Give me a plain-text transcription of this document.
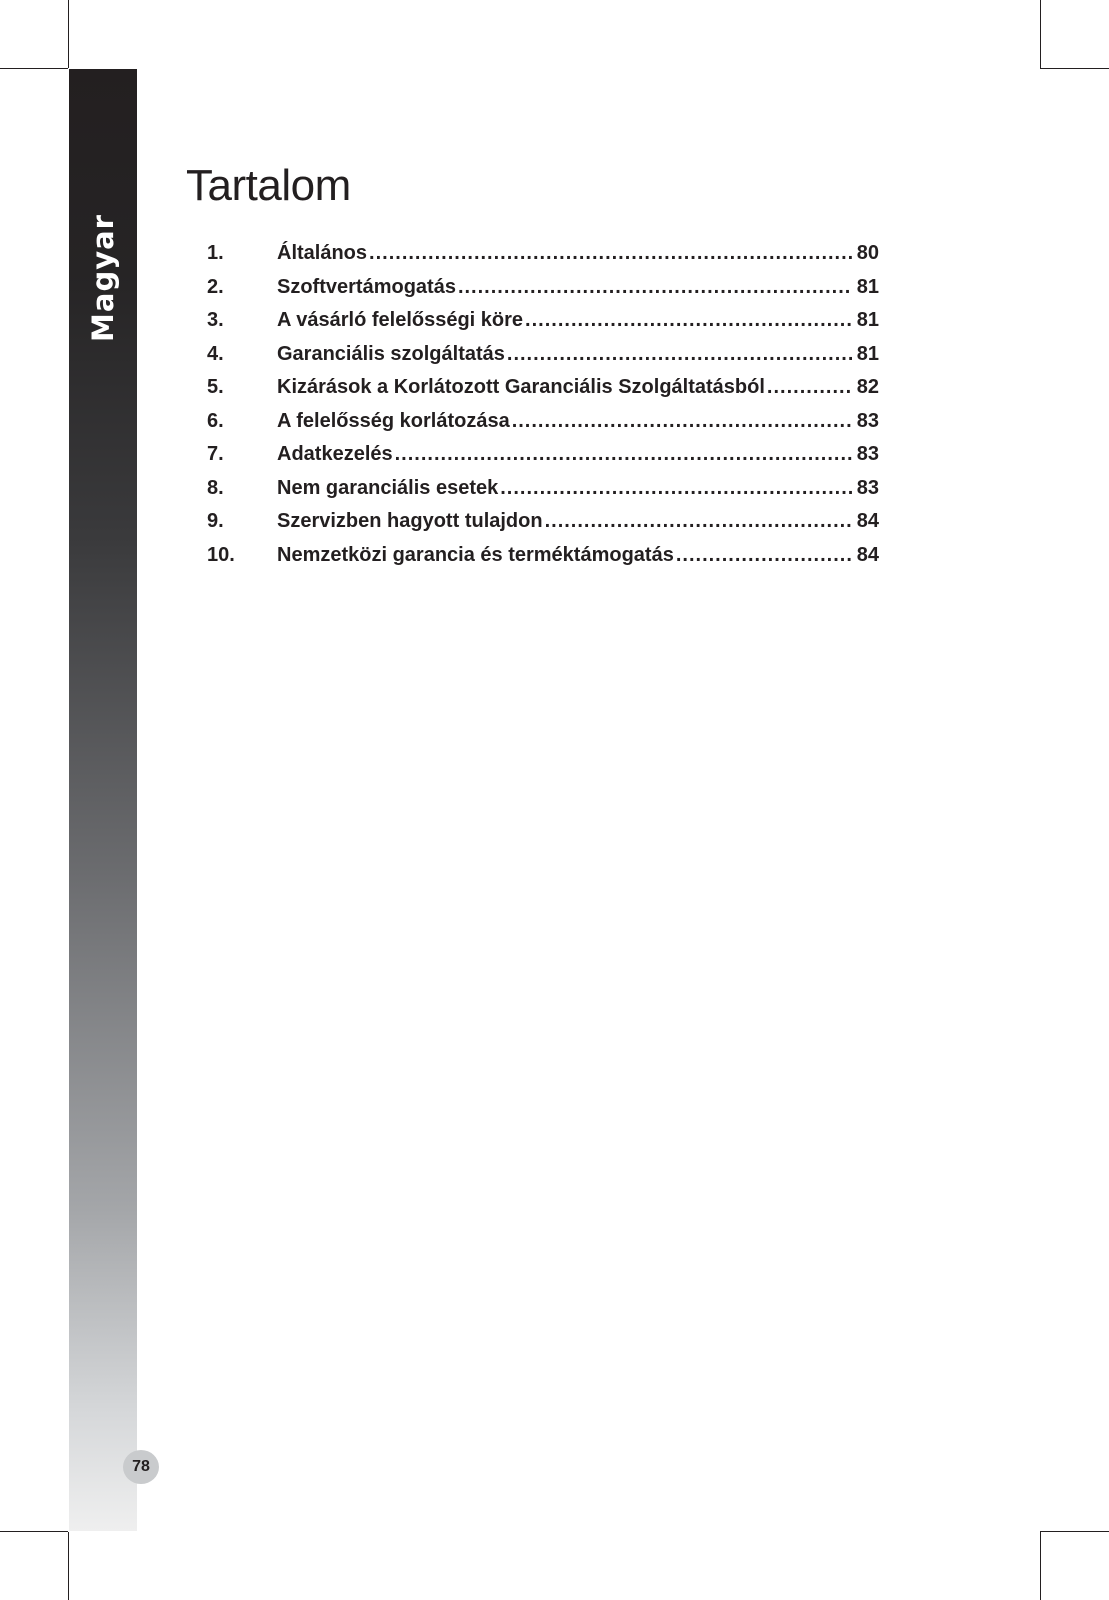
Magyar
78
Tartalom
1.	Általános .....	80
2.	Szoftvertámogatás .....	81
3.	A vásárló felelősségi köre .....	81
4.	Garanciális szolgáltatás .....	81
5.	Kizárások a Korlátozott Garanciális Szolgáltatásból .....	82
6.	A felelősség korlátozása .....	83
7.	Adatkezelés .....	83
8.	Nem garanciális esetek .....	83
9.	Szervizben hagyott tulajdon .....	84
10.	Nemzetközi garancia és terméktámogatás .....	84
